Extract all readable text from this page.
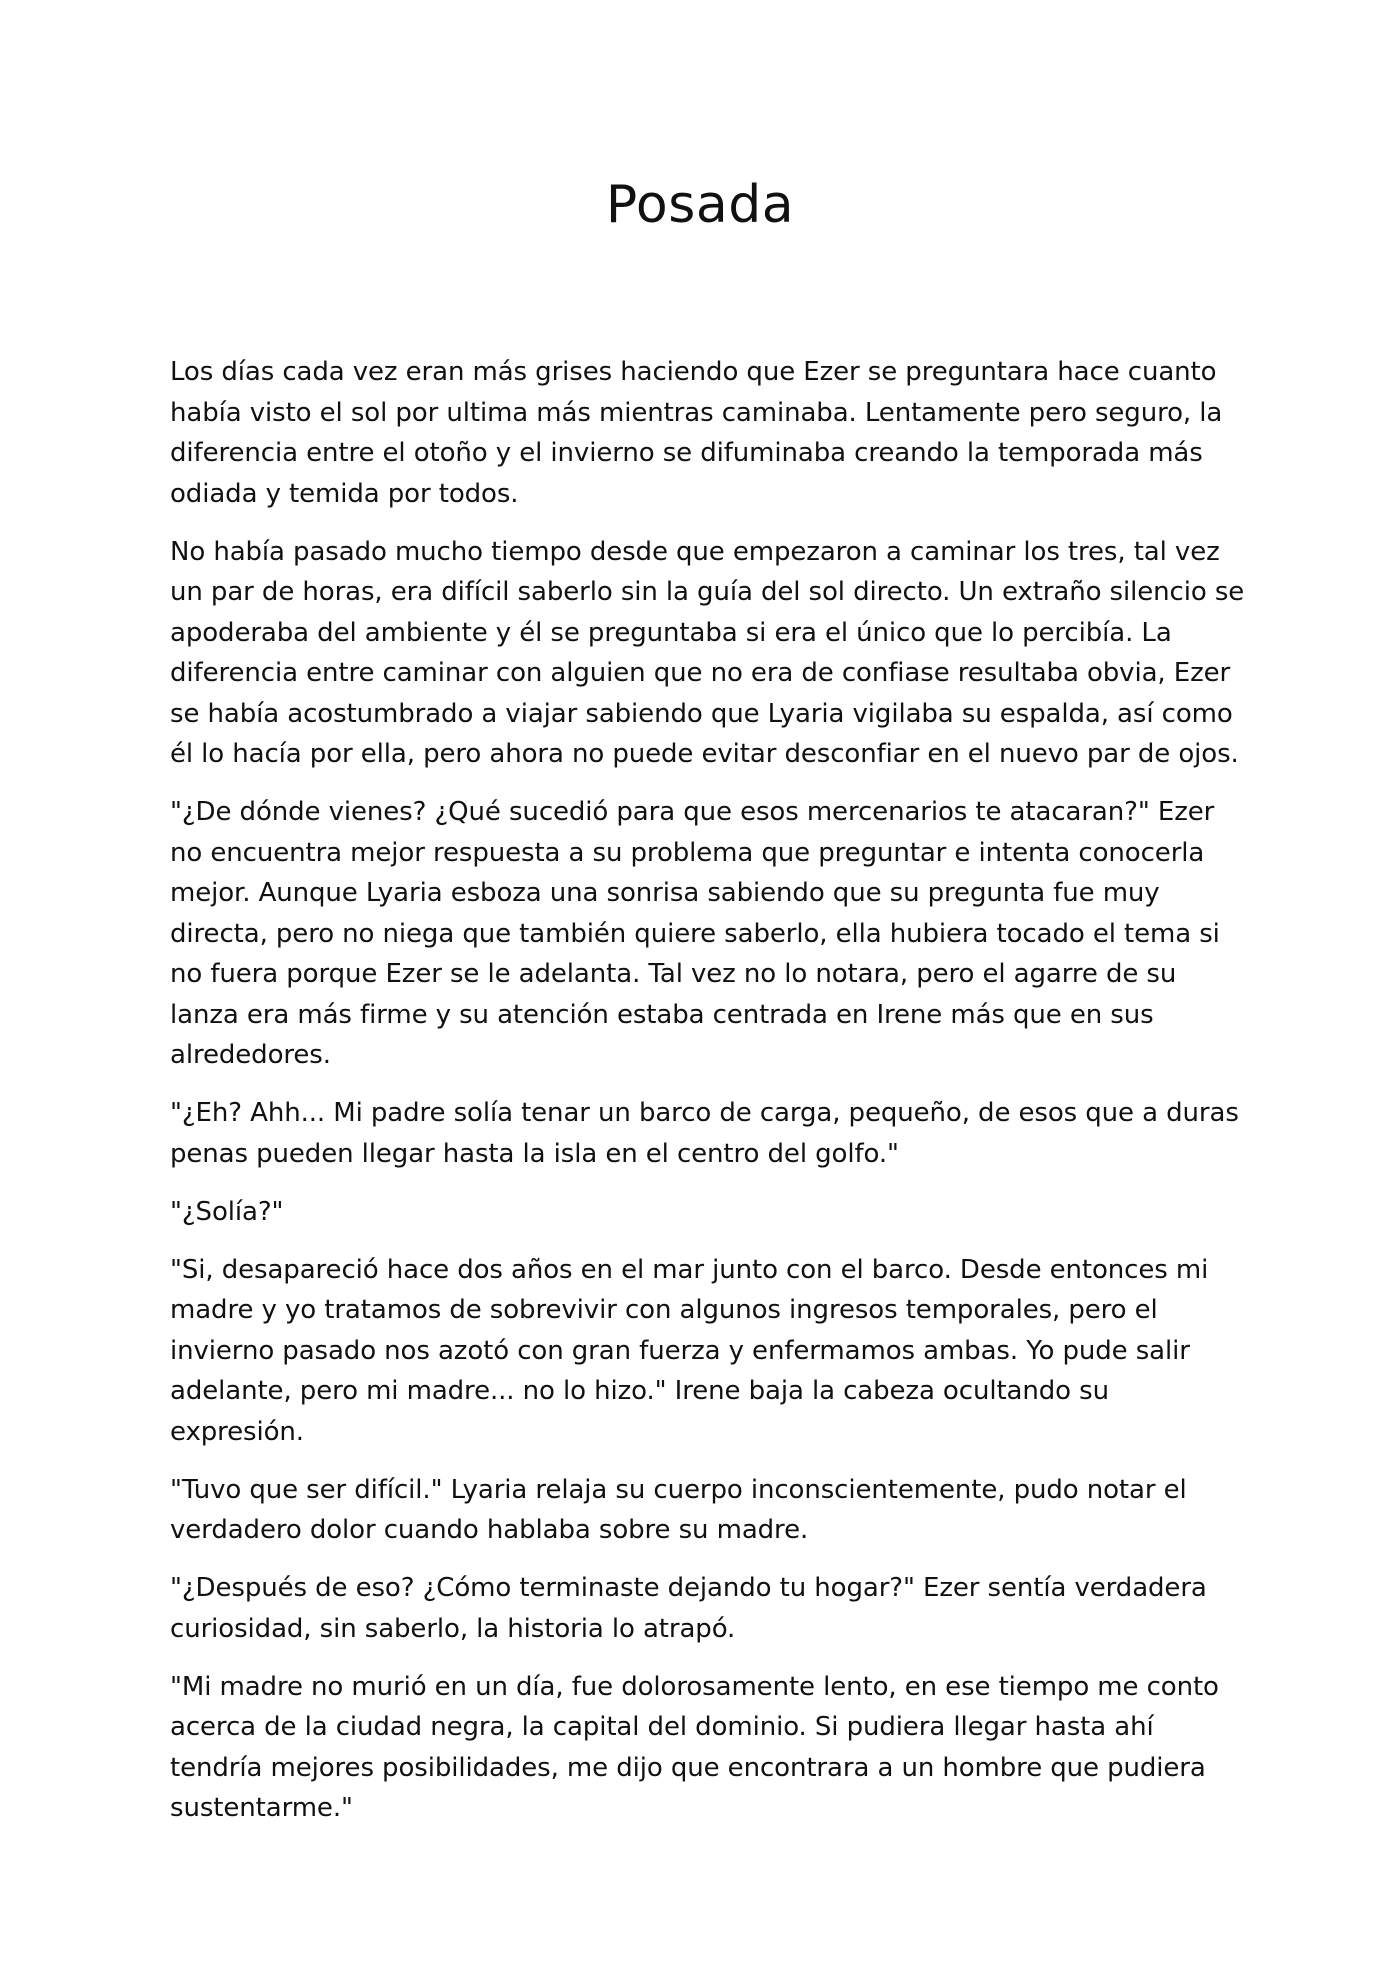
Posada

Los días cada vez eran más grises haciendo que Ezer se preguntara hace cuanto había visto el sol por ultima más mientras caminaba. Lentamente pero seguro, la diferencia entre el otoño y el invierno se difuminaba creando la temporada más odiada y temida por todos.

No había pasado mucho tiempo desde que empezaron a caminar los tres, tal vez un par de horas, era difícil saberlo sin la guía del sol directo. Un extraño silencio se apoderaba del ambiente y él se preguntaba si era el único que lo percibía. La diferencia entre caminar con alguien que no era de confiase resultaba obvia, Ezer se había acostumbrado a viajar sabiendo que Lyaria vigilaba su espalda, así como él lo hacía por ella, pero ahora no puede evitar desconfiar en el nuevo par de ojos.

"¿De dónde vienes? ¿Qué sucedió para que esos mercenarios te atacaran?" Ezer no encuentra mejor respuesta a su problema que preguntar e intenta conocerla mejor. Aunque Lyaria esboza una sonrisa sabiendo que su pregunta fue muy directa, pero no niega que también quiere saberlo, ella hubiera tocado el tema si no fuera porque Ezer se le adelanta. Tal vez no lo notara, pero el agarre de su lanza era más firme y su atención estaba centrada en Irene más que en sus alrededores.

"¿Eh? Ahh... Mi padre solía tenar un barco de carga, pequeño, de esos que a duras penas pueden llegar hasta la isla en el centro del golfo."

"¿Solía?"

"Si, desapareció hace dos años en el mar junto con el barco. Desde entonces mi madre y yo tratamos de sobrevivir con algunos ingresos temporales, pero el invierno pasado nos azotó con gran fuerza y enfermamos ambas. Yo pude salir adelante, pero mi madre... no lo hizo." Irene baja la cabeza ocultando su expresión.

"Tuvo que ser difícil." Lyaria relaja su cuerpo inconscientemente, pudo notar el verdadero dolor cuando hablaba sobre su madre.

"¿Después de eso? ¿Cómo terminaste dejando tu hogar?" Ezer sentía verdadera curiosidad, sin saberlo, la historia lo atrapó.

"Mi madre no murió en un día, fue dolorosamente lento, en ese tiempo me conto acerca de la ciudad negra, la capital del dominio. Si pudiera llegar hasta ahí tendría mejores posibilidades, me dijo que encontrara a un hombre que pudiera sustentarme."
